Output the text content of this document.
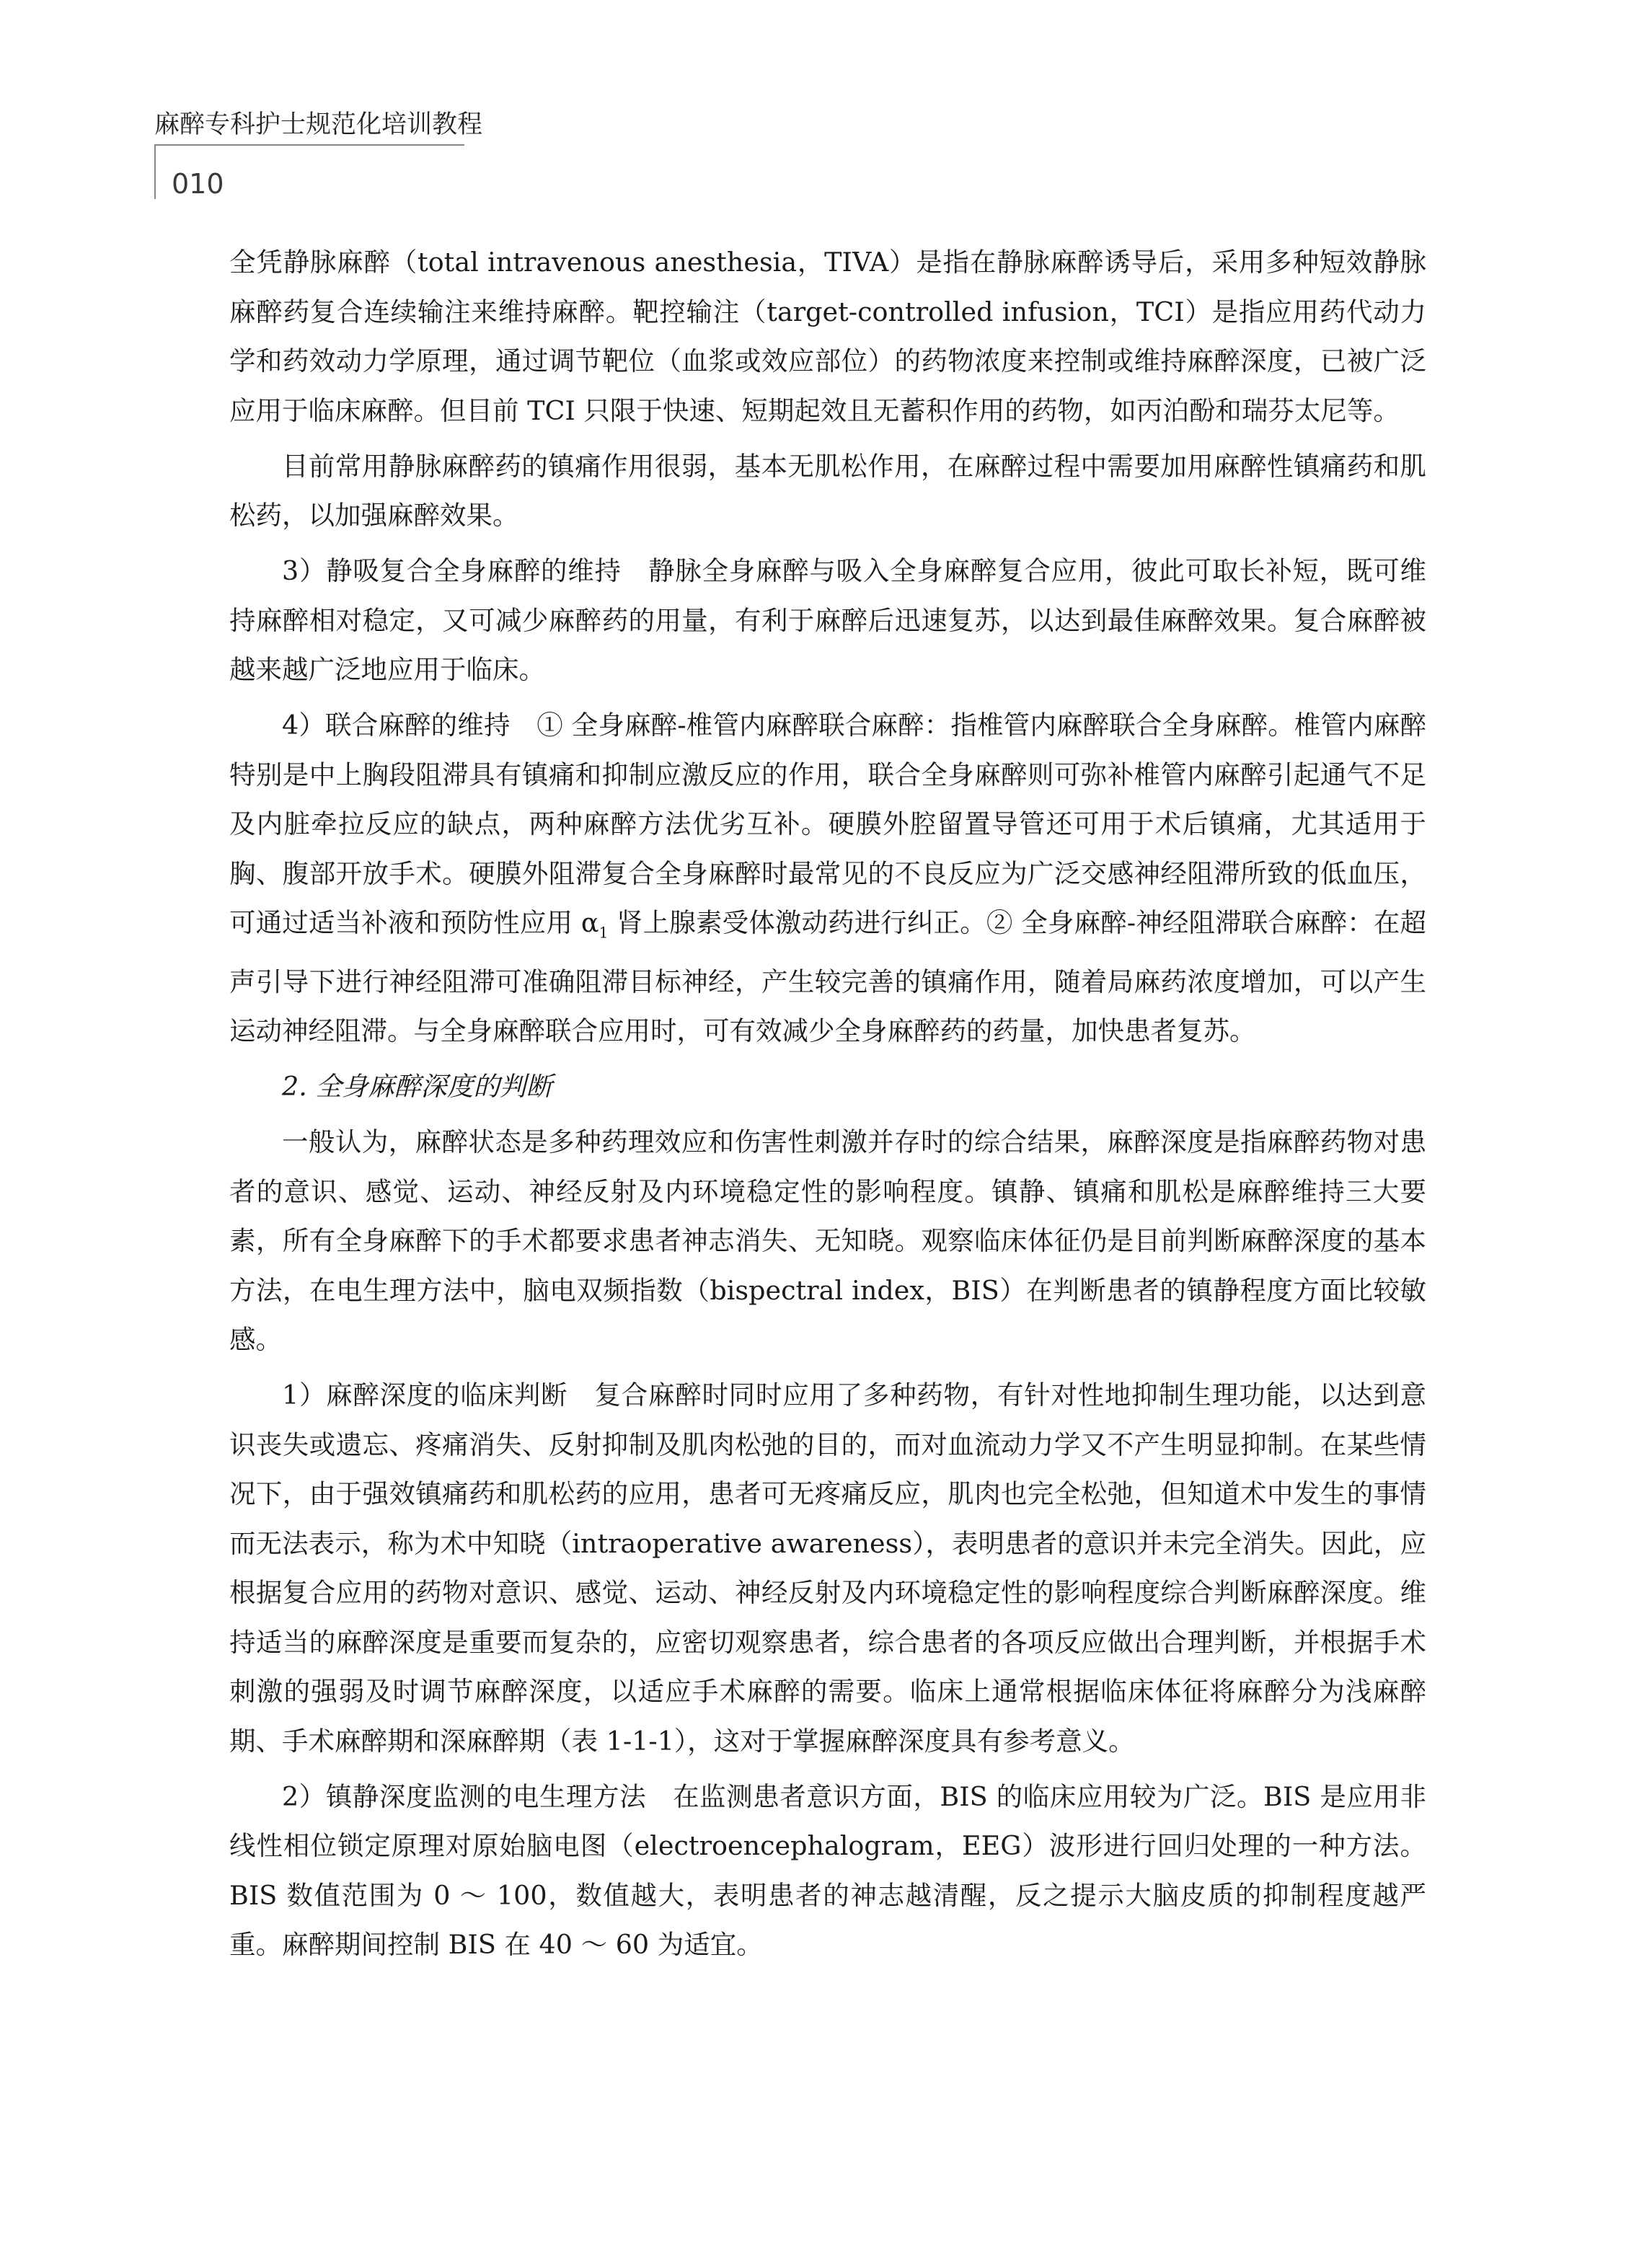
麻醉专科护士规范化培训教程
010

全凭静脉麻醉（total intravenous anesthesia，TIVA）是指在静脉麻醉诱导后，采用多种短效静脉麻醉药复合连续输注来维持麻醉。靶控输注（target-controlled infusion，TCI）是指应用药代动力学和药效动力学原理，通过调节靶位（血浆或效应部位）的药物浓度来控制或维持麻醉深度，已被广泛应用于临床麻醉。但目前 TCI 只限于快速、短期起效且无蓄积作用的药物，如丙泊酚和瑞芬太尼等。

目前常用静脉麻醉药的镇痛作用很弱，基本无肌松作用，在麻醉过程中需要加用麻醉性镇痛药和肌松药，以加强麻醉效果。

3）静吸复合全身麻醉的维持　静脉全身麻醉与吸入全身麻醉复合应用，彼此可取长补短，既可维持麻醉相对稳定，又可减少麻醉药的用量，有利于麻醉后迅速复苏，以达到最佳麻醉效果。复合麻醉被越来越广泛地应用于临床。

4）联合麻醉的维持　① 全身麻醉-椎管内麻醉联合麻醉：指椎管内麻醉联合全身麻醉。椎管内麻醉特别是中上胸段阻滞具有镇痛和抑制应激反应的作用，联合全身麻醉则可弥补椎管内麻醉引起通气不足及内脏牵拉反应的缺点，两种麻醉方法优劣互补。硬膜外腔留置导管还可用于术后镇痛，尤其适用于胸、腹部开放手术。硬膜外阻滞复合全身麻醉时最常见的不良反应为广泛交感神经阻滞所致的低血压，可通过适当补液和预防性应用 $\alpha_1$ 肾上腺素受体激动药进行纠正。② 全身麻醉-神经阻滞联合麻醉：在超声引导下进行神经阻滞可准确阻滞目标神经，产生较完善的镇痛作用，随着局麻药浓度增加，可以产生运动神经阻滞。与全身麻醉联合应用时，可有效减少全身麻醉药的药量，加快患者复苏。

2. 全身麻醉深度的判断

一般认为，麻醉状态是多种药理效应和伤害性刺激并存时的综合结果，麻醉深度是指麻醉药物对患者的意识、感觉、运动、神经反射及内环境稳定性的影响程度。镇静、镇痛和肌松是麻醉维持三大要素，所有全身麻醉下的手术都要求患者神志消失、无知晓。观察临床体征仍是目前判断麻醉深度的基本方法，在电生理方法中，脑电双频指数（bispectral index，BIS）在判断患者的镇静程度方面比较敏感。

1）麻醉深度的临床判断　复合麻醉时同时应用了多种药物，有针对性地抑制生理功能，以达到意识丧失或遗忘、疼痛消失、反射抑制及肌肉松弛的目的，而对血流动力学又不产生明显抑制。在某些情况下，由于强效镇痛药和肌松药的应用，患者可无疼痛反应，肌肉也完全松弛，但知道术中发生的事情而无法表示，称为术中知晓（intraoperative awareness），表明患者的意识并未完全消失。因此，应根据复合应用的药物对意识、感觉、运动、神经反射及内环境稳定性的影响程度综合判断麻醉深度。维持适当的麻醉深度是重要而复杂的，应密切观察患者，综合患者的各项反应做出合理判断，并根据手术刺激的强弱及时调节麻醉深度，以适应手术麻醉的需要。临床上通常根据临床体征将麻醉分为浅麻醉期、手术麻醉期和深麻醉期（表 1-1-1），这对于掌握麻醉深度具有参考意义。

2）镇静深度监测的电生理方法　在监测患者意识方面，BIS 的临床应用较为广泛。BIS 是应用非线性相位锁定原理对原始脑电图（electroencephalogram，EEG）波形进行回归处理的一种方法。BIS 数值范围为 0 ～ 100，数值越大，表明患者的神志越清醒，反之提示大脑皮质的抑制程度越严重。麻醉期间控制 BIS 在 40 ～ 60 为适宜。
